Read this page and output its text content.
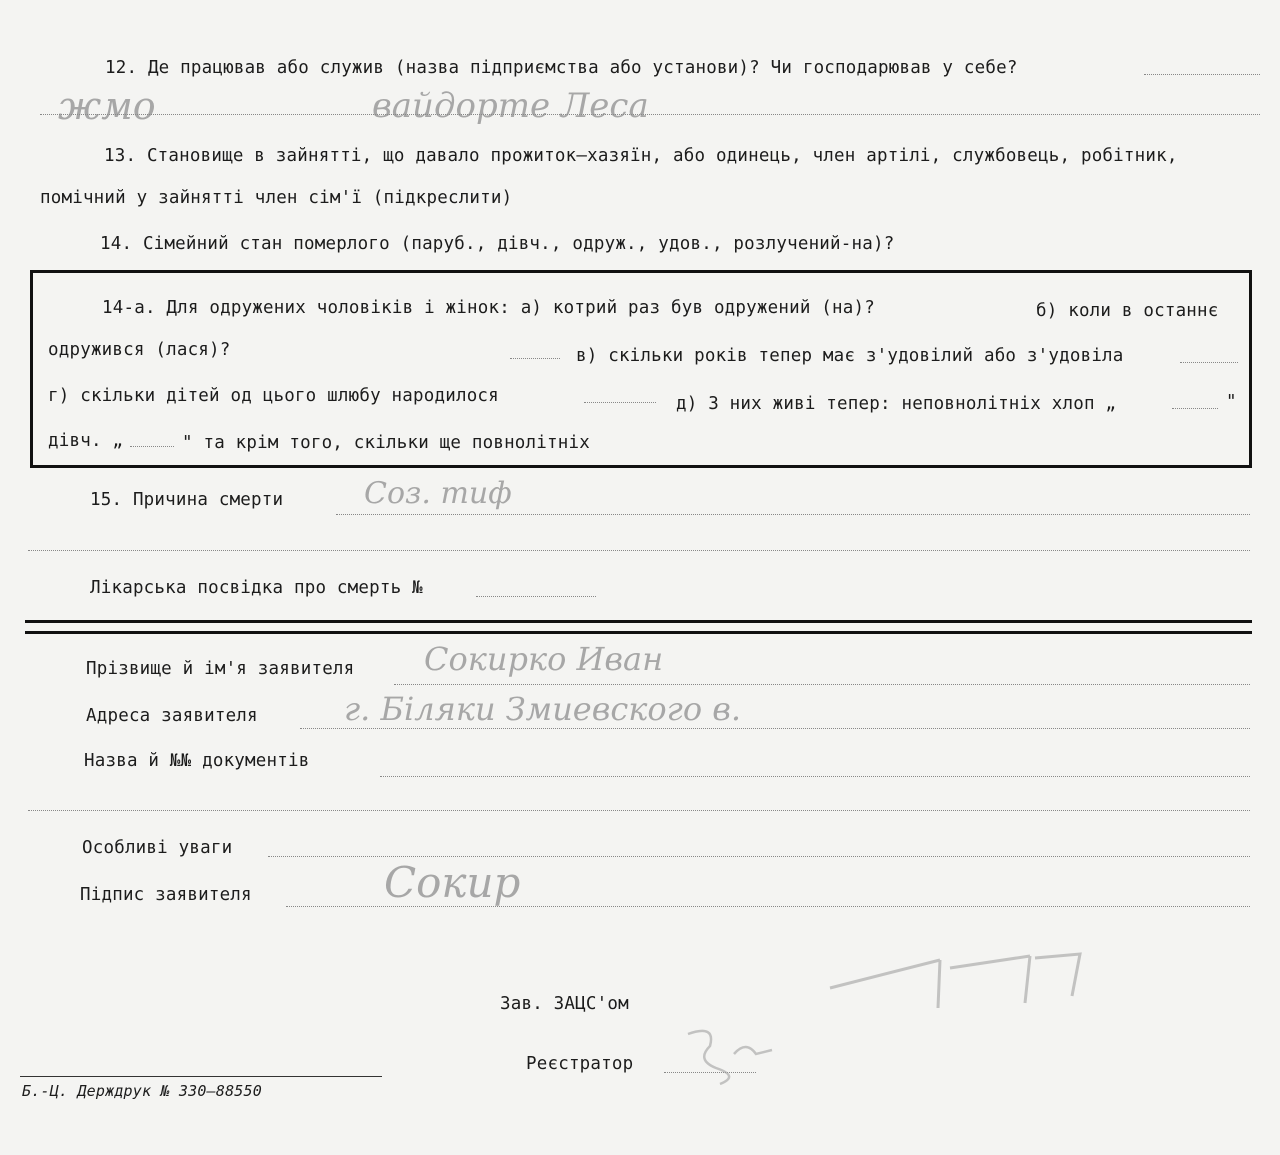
12. Де працював або служив (назва підприємства або установи)? Чи господарював у себе?
жмо	вайдорте Леса
13. Становище в зайнятті, що давало прожиток—хазяїн, або одинець, член артілі, службовець, робітник,
помічний у зайнятті член сім'ї (підкреслити)
14. Сімейний стан померлого (паруб., дівч., одруж., удов., розлучений-на)?
14-а. Для одружених чоловіків і жінок: а) котрий раз був одружений (на)?	б) коли в останнє
одружився (лася)?	в) скільки років тепер має з'удовілий або з'удовіла
г) скільки дітей од цього шлюбу народилося	д) З них живі тепер: неповнолітніх хлоп „	"
дівч. „	" та крім того, скільки ще повнолітніх
15. Причина смерти	Соз. тиф
Лікарська посвідка про смерть №
Прізвище й ім'я заявителя Сокирко Иван
Адреса заявителя	г. Біляки Змиевского в.
Назва й №№ документів
Особливі уваги
Підпис заявителя	Сокир
Зав. ЗАЦС'ом
Реєстратор
Б.-Ц. Держдрук № 330—88550
